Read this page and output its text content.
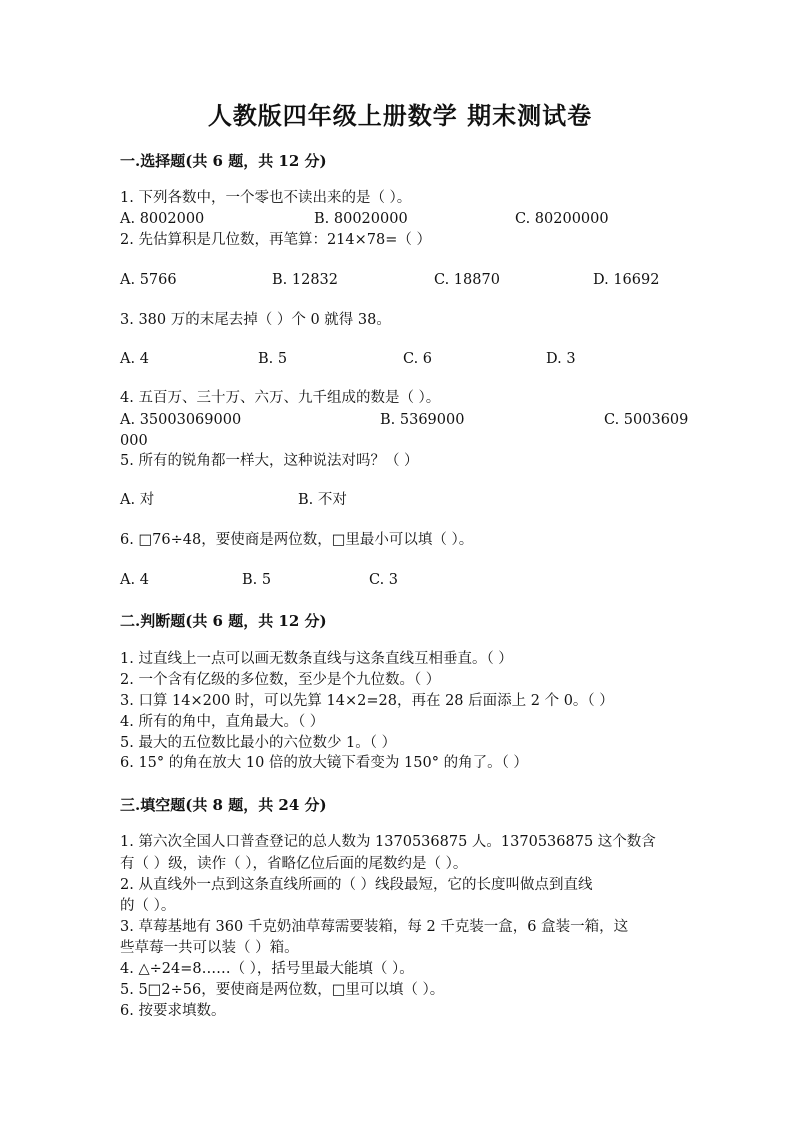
人教版四年级上册数学 期末测试卷
一.选择题(共 6 题，共 12 分)
1. 下列各数中，一个零也不读出来的是（ ）。
A. 8002000	B. 80020000	C. 80200000
2. 先估算积是几位数，再笔算：214×78=（ ）
A. 5766	B. 12832	C. 18870	D. 16692
3. 380 万的末尾去掉（ ）个 0 就得 38。
A. 4	B. 5	C. 6	D. 3
4. 五百万、三十万、六万、九千组成的数是（ ）。
A. 35003069000	B. 5369000	C. 5003609
000
5. 所有的锐角都一样大，这种说法对吗？（ ）
A. 对	B. 不对
6. □76÷48，要使商是两位数，□里最小可以填（ ）。
A. 4	B. 5	C. 3
二.判断题(共 6 题，共 12 分)
1. 过直线上一点可以画无数条直线与这条直线互相垂直。（ ）
2. 一个含有亿级的多位数，至少是个九位数。（ ）
3. 口算 14×200 时，可以先算 14×2=28，再在 28 后面添上 2 个 0。（ ）
4. 所有的角中，直角最大。（ ）
5. 最大的五位数比最小的六位数少 1。（ ）
6. 15° 的角在放大 10 倍的放大镜下看变为 150° 的角了。（ ）
三.填空题(共 8 题，共 24 分)
1. 第六次全国人口普查登记的总人数为 1370536875 人。1370536875 这个数含
有（ ）级，读作（ ），省略亿位后面的尾数约是（ ）。
2. 从直线外一点到这条直线所画的（ ）线段最短，它的长度叫做点到直线
的（ ）。
3. 草莓基地有 360 千克奶油草莓需要装箱，每 2 千克装一盒，6 盒装一箱，这
些草莓一共可以装（ ）箱。
4. △÷24=8……（ ），括号里最大能填（ ）。
5. 5□2÷56，要使商是两位数，□里可以填（ ）。
6. 按要求填数。
